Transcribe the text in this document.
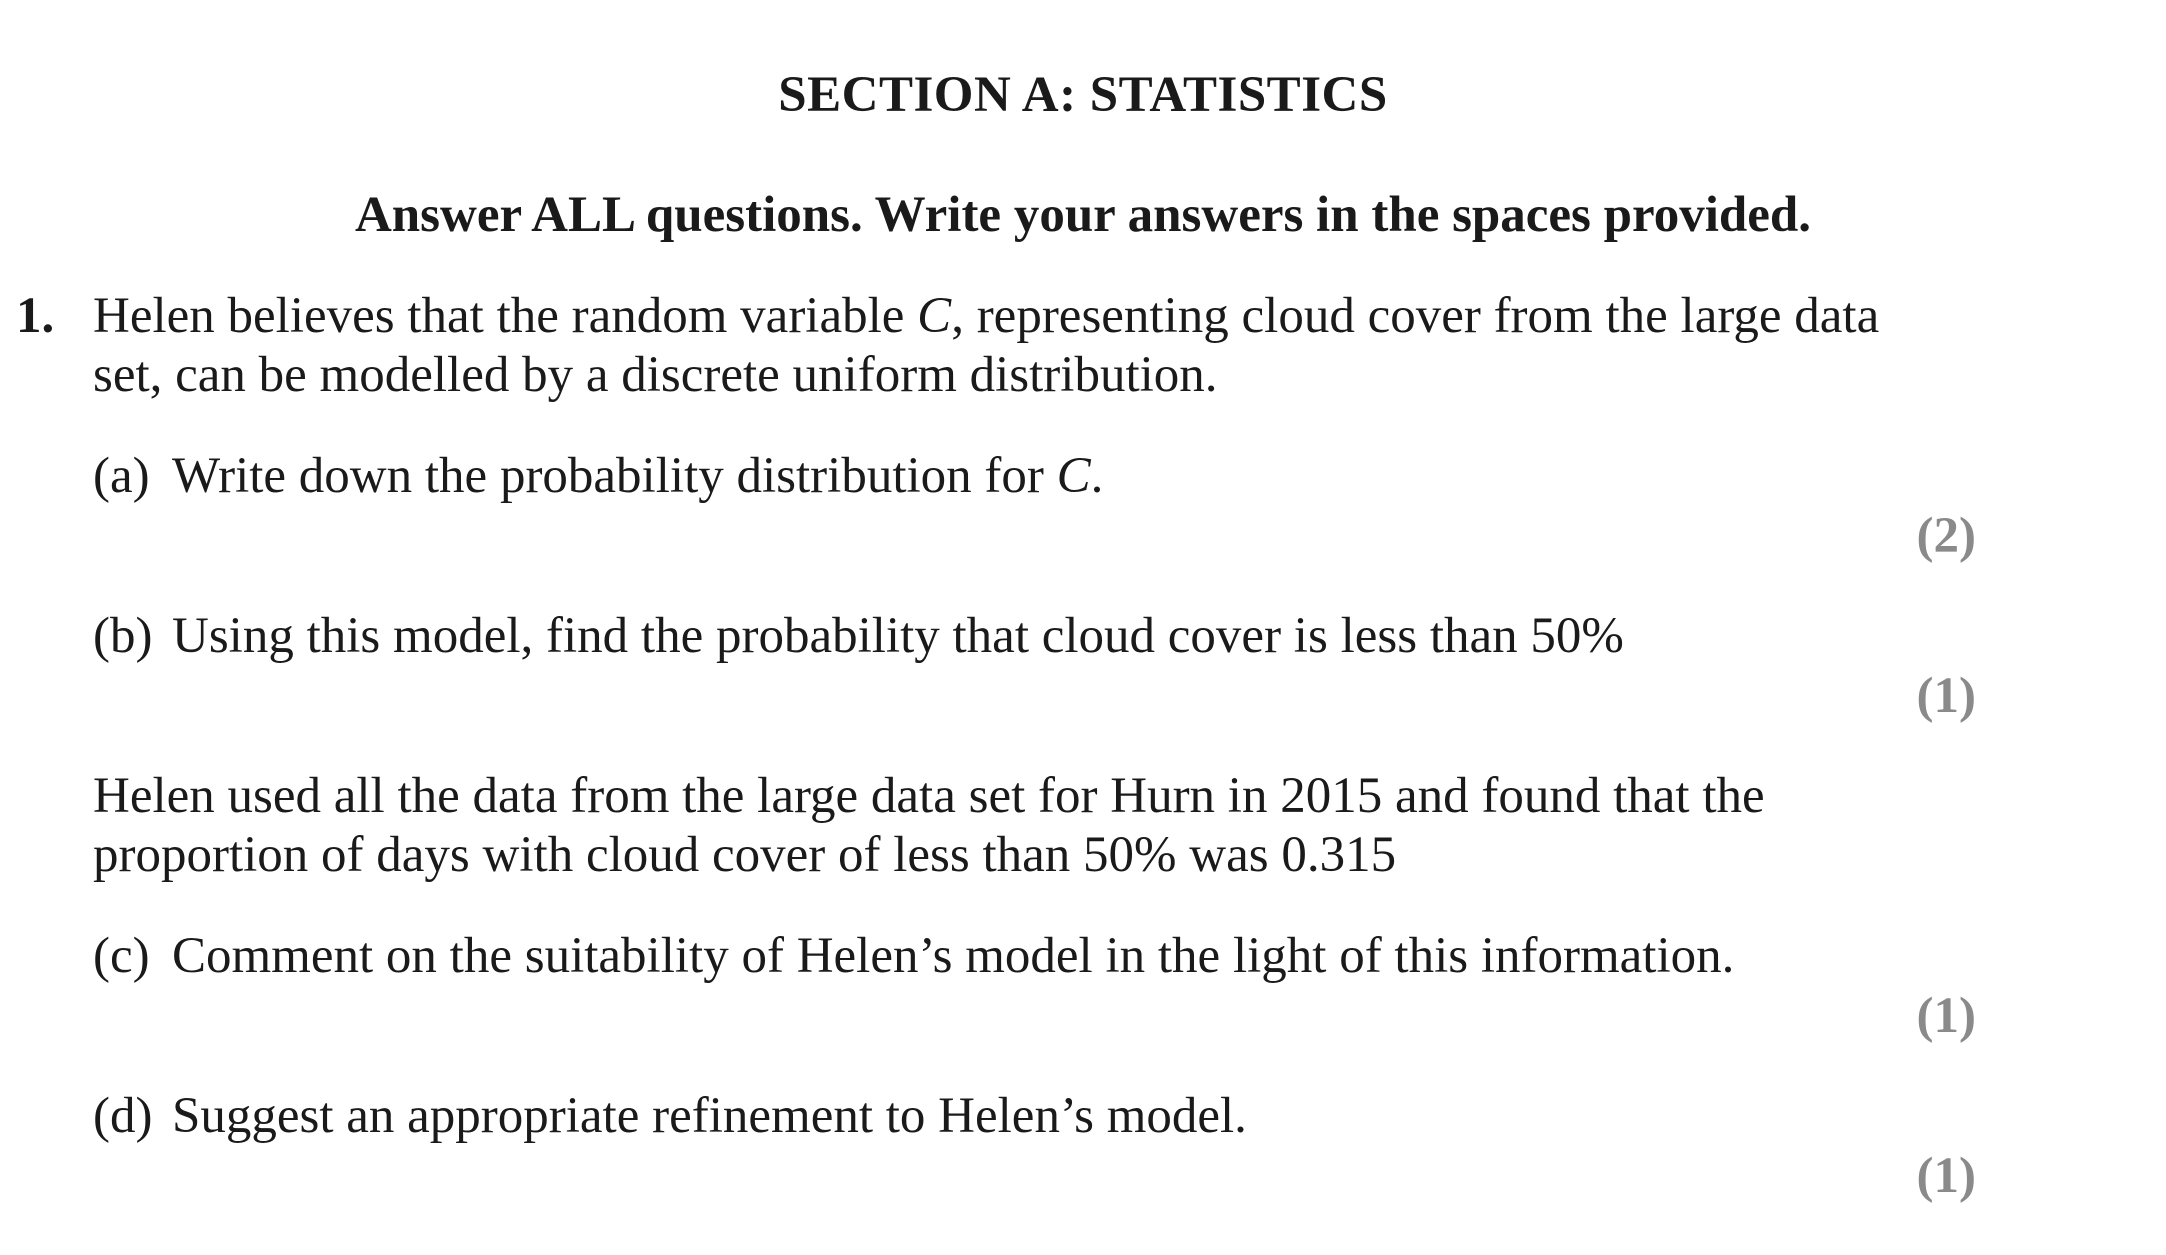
SECTION A: STATISTICS
Answer ALL questions. Write your answers in the spaces provided.
1. Helen believes that the random variable C, representing cloud cover from the large data
set, can be modelled by a discrete uniform distribution.
(a) Write down the probability distribution for C.
(2)
(b) Using this model, find the probability that cloud cover is less than 50%
(1)
Helen used all the data from the large data set for Hurn in 2015 and found that the
proportion of days with cloud cover of less than 50% was 0.315
(c) Comment on the suitability of Helen’s model in the light of this information.
(1)
(d) Suggest an appropriate refinement to Helen’s model.
(1)
